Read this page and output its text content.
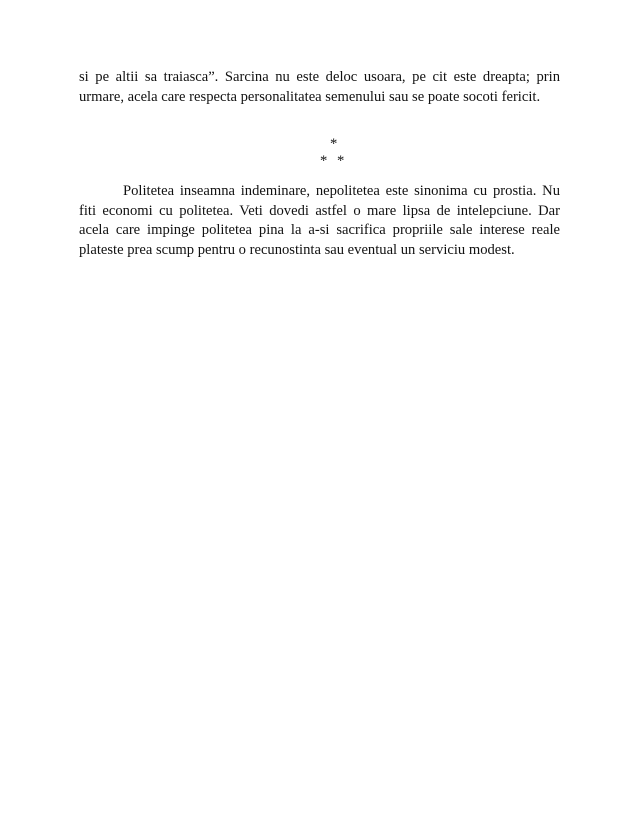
si pe altii sa traiasca”. Sarcina nu este deloc usoara, pe cit este dreapta; prin urmare, acela care respecta personalitatea semenului sau se poate socoti fericit.

*
* *

Politetea inseamna indeminare, nepolitetea este sinonima cu prostia. Nu fiti economi cu politetea. Veti dovedi astfel o mare lipsa de intelepciune. Dar acela care impinge politetea pina la a-si sacrifica propriile sale interese reale plateste prea scump pentru o recunostinta sau eventual un serviciu modest.
